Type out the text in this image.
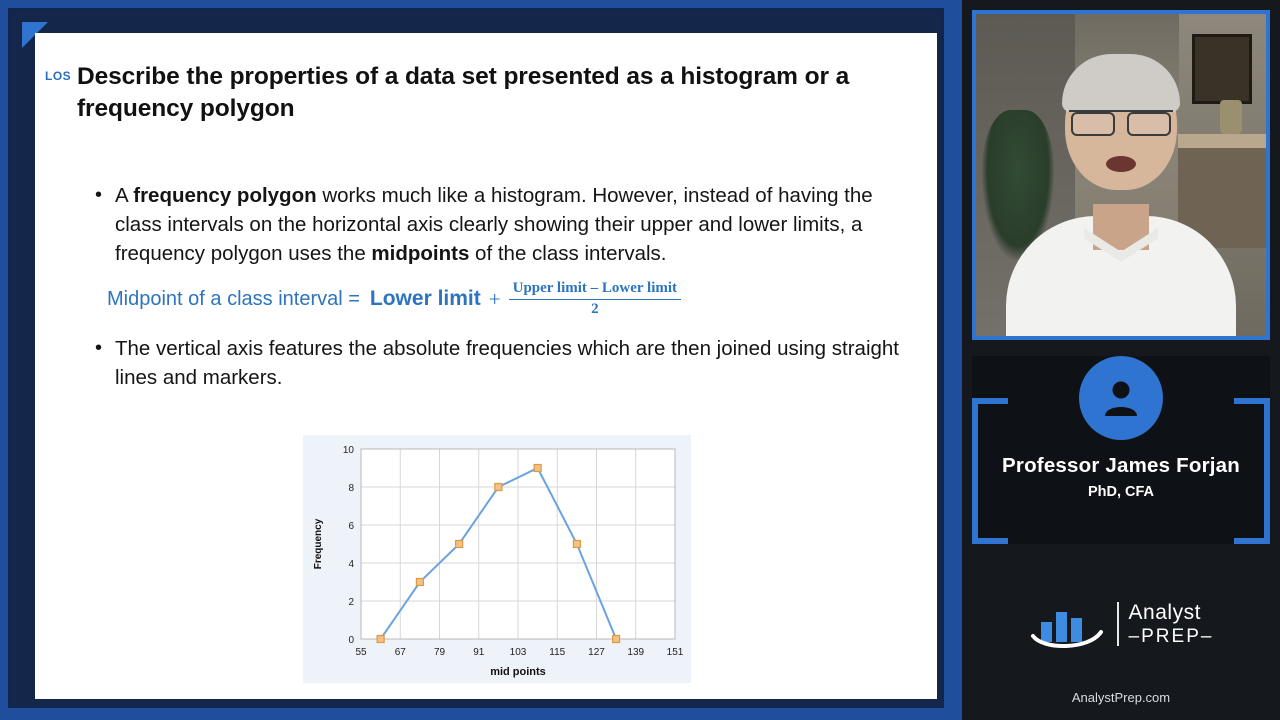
LOS Describe the properties of a data set presented as a histogram or a frequency polygon
• A frequency polygon works much like a histogram. However, instead of having the class intervals on the horizontal axis clearly showing their upper and lower limits, a frequency polygon uses the midpoints of the class intervals.
Midpoint of a class interval = Lower limit + $\frac{\text{Upper limit – Lower limit}}{2}$
• The vertical axis features the absolute frequencies which are then joined using straight lines and markers.
0
2
4
6
8
10
55	67	79	91	103 115 127 139 151
mid points
Frequency
Professor James Forjan
PhD, CFA
Analyst
–PREP–
AnalystPrep.com
